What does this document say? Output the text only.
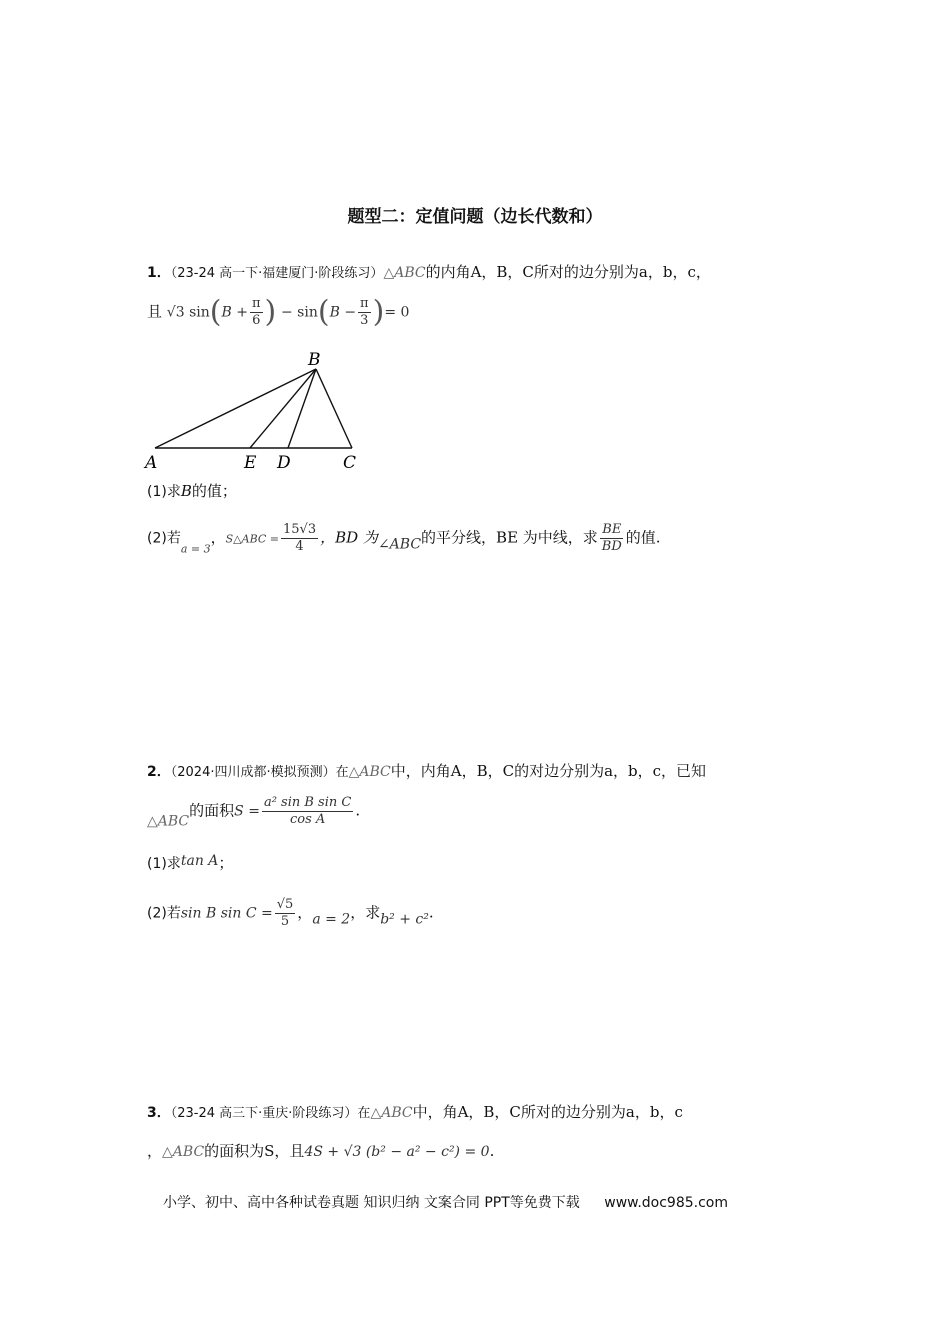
题型二：定值问题（边长代数和）
1．（23-24 高一下·福建厦门·阶段练习）△ABC的内角A，B，C所对的边分别为a，b，c，
且 √3 $\sin(B + \frac{\pi}{6}$ ) − $\sin(B - \frac{\pi}{3}$ )= 0
B
A	E D	C
(1)求B的值；
(2)若$_{a = 3}$，S△ABC = $\frac{15√3}{4}$ ，BD 为∠ABC的平分线，BE 为中线，求 $\frac{BE}{BD}$ 的值.
2．（2024·四川成都·模拟预测）在△ABC中，内角A，B，C的对边分别为a，b，c，已知
△ABC的面积$S = \frac{\text{a² sin B sin C}}{\text{cos A}}$ .
(1)求tan A；
(2)若sin B $\sin C = \frac{√5}{5}$ ，a = 2，求b² + c².
3．（23-24 高三下·重庆·阶段练习）在△ABC中，角A，B，C所对的边分别为a，b，c
，△ABC的面积为S，且4S + √3 (b² − a² − c²) = 0.
小学、初中、高中各种试卷真题 知识归纳 文案合同 PPT等免费下载 www.doc985.com
